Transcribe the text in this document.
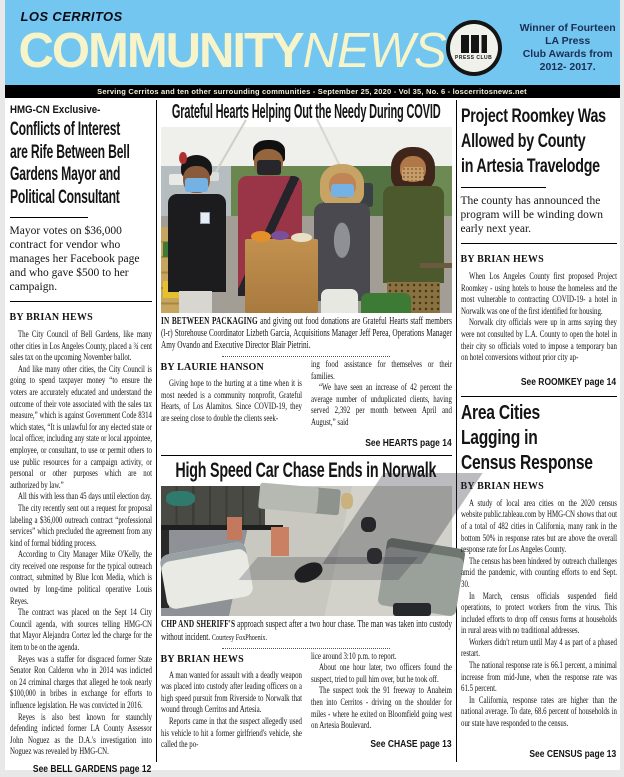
LOS CERRITOS
COMMUNITYNEWS PRESS CLUB
Winner of Fourteen
LA Press
Club Awards from
2012- 2017.
Serving Cerritos and ten other surrounding communities - September 25, 2020 - Vol 35, No. 6 - loscerritosnews.net
HMG-CN Exclusive-
Conflicts of Interest
are Rife Between Bell
Gardens Mayor and
Political Consultant

Mayor votes on $36,000 contract for vendor who manages her Facebook page and who gave $500 to her campaign.

BY BRIAN HEWS

The City Council of Bell Gardens, like many other cities in Los Angeles County, placed a ¾ cent sales tax on the upcoming November ballot.

And like many other cities, the City Council is going to spend taxpayer money “to ensure the voters are accurately educated and understand the outcome of their vote associated with the sales tax measure,” which is against Government Code 8314 which states, “It is unlawful for any elected state or local officer, including any state or local appointee, employee, or consultant, to use or permit others to use public resources for a campaign activity, or personal or other purposes which are not authorized by law.”

All this with less than 45 days until election day.

The city recently sent out a request for proposal labeling a $36,000 outreach contract “professional services” which precluded the agreement from any kind of formal bidding process.

According to City Manager Mike O'Kelly, the city received one response for the typical outreach contract, submitted by Blue Icon Media, which is owned by long-time political operative Louis Reyes.

The contract was placed on the Sept 14 City Council agenda, with sources telling HMG-CN that Mayor Alejandra Cortez led the charge for the item to be on the agenda.

Reyes was a staffer for disgraced former State Senator Ron Calderon who in 2014 was indicted on 24 criminal charges that alleged he took nearly $100,000 in bribes in exchange for efforts to influence legislation. He was convicted in 2016.

Reyes is also best known for staunchly defending indicted former LA County Assessor John Noguez as the D.A.'s investigation into Noguez was revealed by HMG-CN.

See BELL GARDENS page 12
Grateful Hearts Helping Out the Needy During COVID

IN BETWEEN PACKAGING and giving out food donations are Grateful Hearts staff members (l-r) Storehouse Coordinator Lizbeth Garcia, Acquisitions Manager Jeff Perea, Operations Manager Amy Ovando and Executive Director Blair Pietrini.

BY LAURIE HANSON

Giving hope to the hurting at a time when it is most needed is a community nonprofit, Grateful Hearts, of Los Alamitos. Since COVID-19, they are seeing close to double the clients seek-

ing food assistance for themselves or their families.

“We have seen an increase of 42 percent the average number of unduplicated clients, having served 2,392 per month between April and August,” said

See HEARTS page 14
High Speed Car Chase Ends in Norwalk

CHP AND SHERIFF'S approach suspect after a two hour chase. The man was taken into custody without incident. Courtesy FoxPhoenix.

BY BRIAN HEWS

A man wanted for assault with a deadly weapon was placed into custody after leading officers on a high speed pursuit from Riverside to Norwalk that wound through Cerritos and Artesia.

Reports came in that the suspect allegedly used his vehicle to hit a former girlfriend's vehicle, she called the po-

lice around 3:10 p.m. to report.

About one hour later, two officers found the suspect, tried to pull him over, but he took off.

The suspect took the 91 freeway to Anaheim then into Cerritos - driving on the shoulder for miles - where he exited on Bloomfield going west on Artesia Boulevard.

See CHASE page 13
Project Roomkey Was
Allowed by County
in Artesia Travelodge

The county has announced the program will be winding down early next year.

BY BRIAN HEWS

When Los Angeles County first proposed Project Roomkey - using hotels to house the homeless and the most vulnerable to contracting COVID-19- a hotel in Norwalk was one of the first identified for housing.

Norwalk city officials were up in arms saying they were not consulted by L.A. County to open the hotel in their city so officials voted to impose a temporary ban on hotel conversions without prior city ap-

See ROOMKEY page 14
Area Cities
Lagging in
Census Response
BY BRIAN HEWS

A study of local area cities on the 2020 census website public.tableau.com by HMG-CN shows that out of a total of 482 cities in California, many rank in the bottom 50% in response rates but are above the overall response rate for Los Angeles County.

The census has been hindered by outreach challenges amid the pandemic, with counting efforts to end Sept. 30.

In March, census officials suspended field operations, to protect workers from the virus. This included efforts to drop off census forms at households in rural areas with no traditional addresses.

Workers didn't return until May 4 as part of a phased restart.

The national response rate is 66.1 percent, a minimal increase from mid-June, when the response rate was 61.5 percent.

In California, response rates are higher than the national average. To date, 68.6 percent of households in our state have responded to the census.

See CENSUS page 13
